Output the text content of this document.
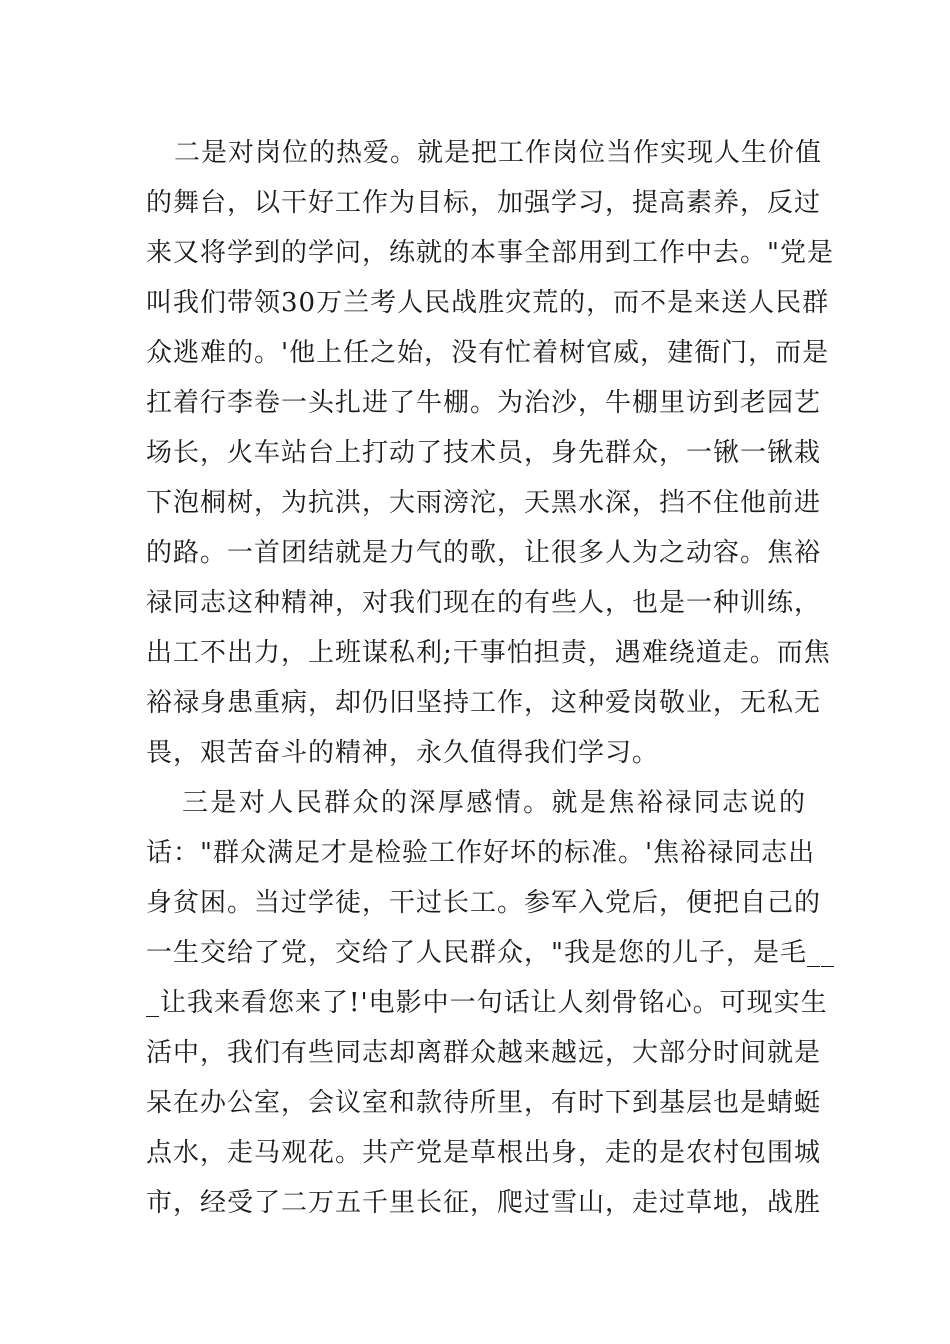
二是对岗位的热爱。就是把工作岗位当作实现人生价值
的舞台，以干好工作为目标，加强学习，提高素养，反过
来又将学到的学问，练就的本事全部用到工作中去。"党是
叫我们带领30万兰考人民战胜灾荒的，而不是来送人民群
众逃难的。'他上任之始，没有忙着树官威，建衙门，而是
扛着行李卷一头扎进了牛棚。为治沙，牛棚里访到老园艺
场长，火车站台上打动了技术员，身先群众，一锹一锹栽
下泡桐树，为抗洪，大雨滂沱，天黑水深，挡不住他前进
的路。一首团结就是力气的歌，让很多人为之动容。焦裕
禄同志这种精神，对我们现在的有些人，也是一种训练，
出工不出力，上班谋私利;干事怕担责，遇难绕道走。而焦
裕禄身患重病，却仍旧坚持工作，这种爱岗敬业，无私无
畏，艰苦奋斗的精神，永久值得我们学习。
三是对人民群众的深厚感情。就是焦裕禄同志说的
话："群众满足才是检验工作好坏的标准。'焦裕禄同志出
身贫困。当过学徒，干过长工。参军入党后，便把自己的
一生交给了党，交给了人民群众，"我是您的儿子，是毛__
_让我来看您来了!'电影中一句话让人刻骨铭心。可现实生
活中，我们有些同志却离群众越来越远，大部分时间就是
呆在办公室，会议室和款待所里，有时下到基层也是蜻蜓
点水，走马观花。共产党是草根出身，走的是农村包围城
市，经受了二万五千里长征，爬过雪山，走过草地，战胜
